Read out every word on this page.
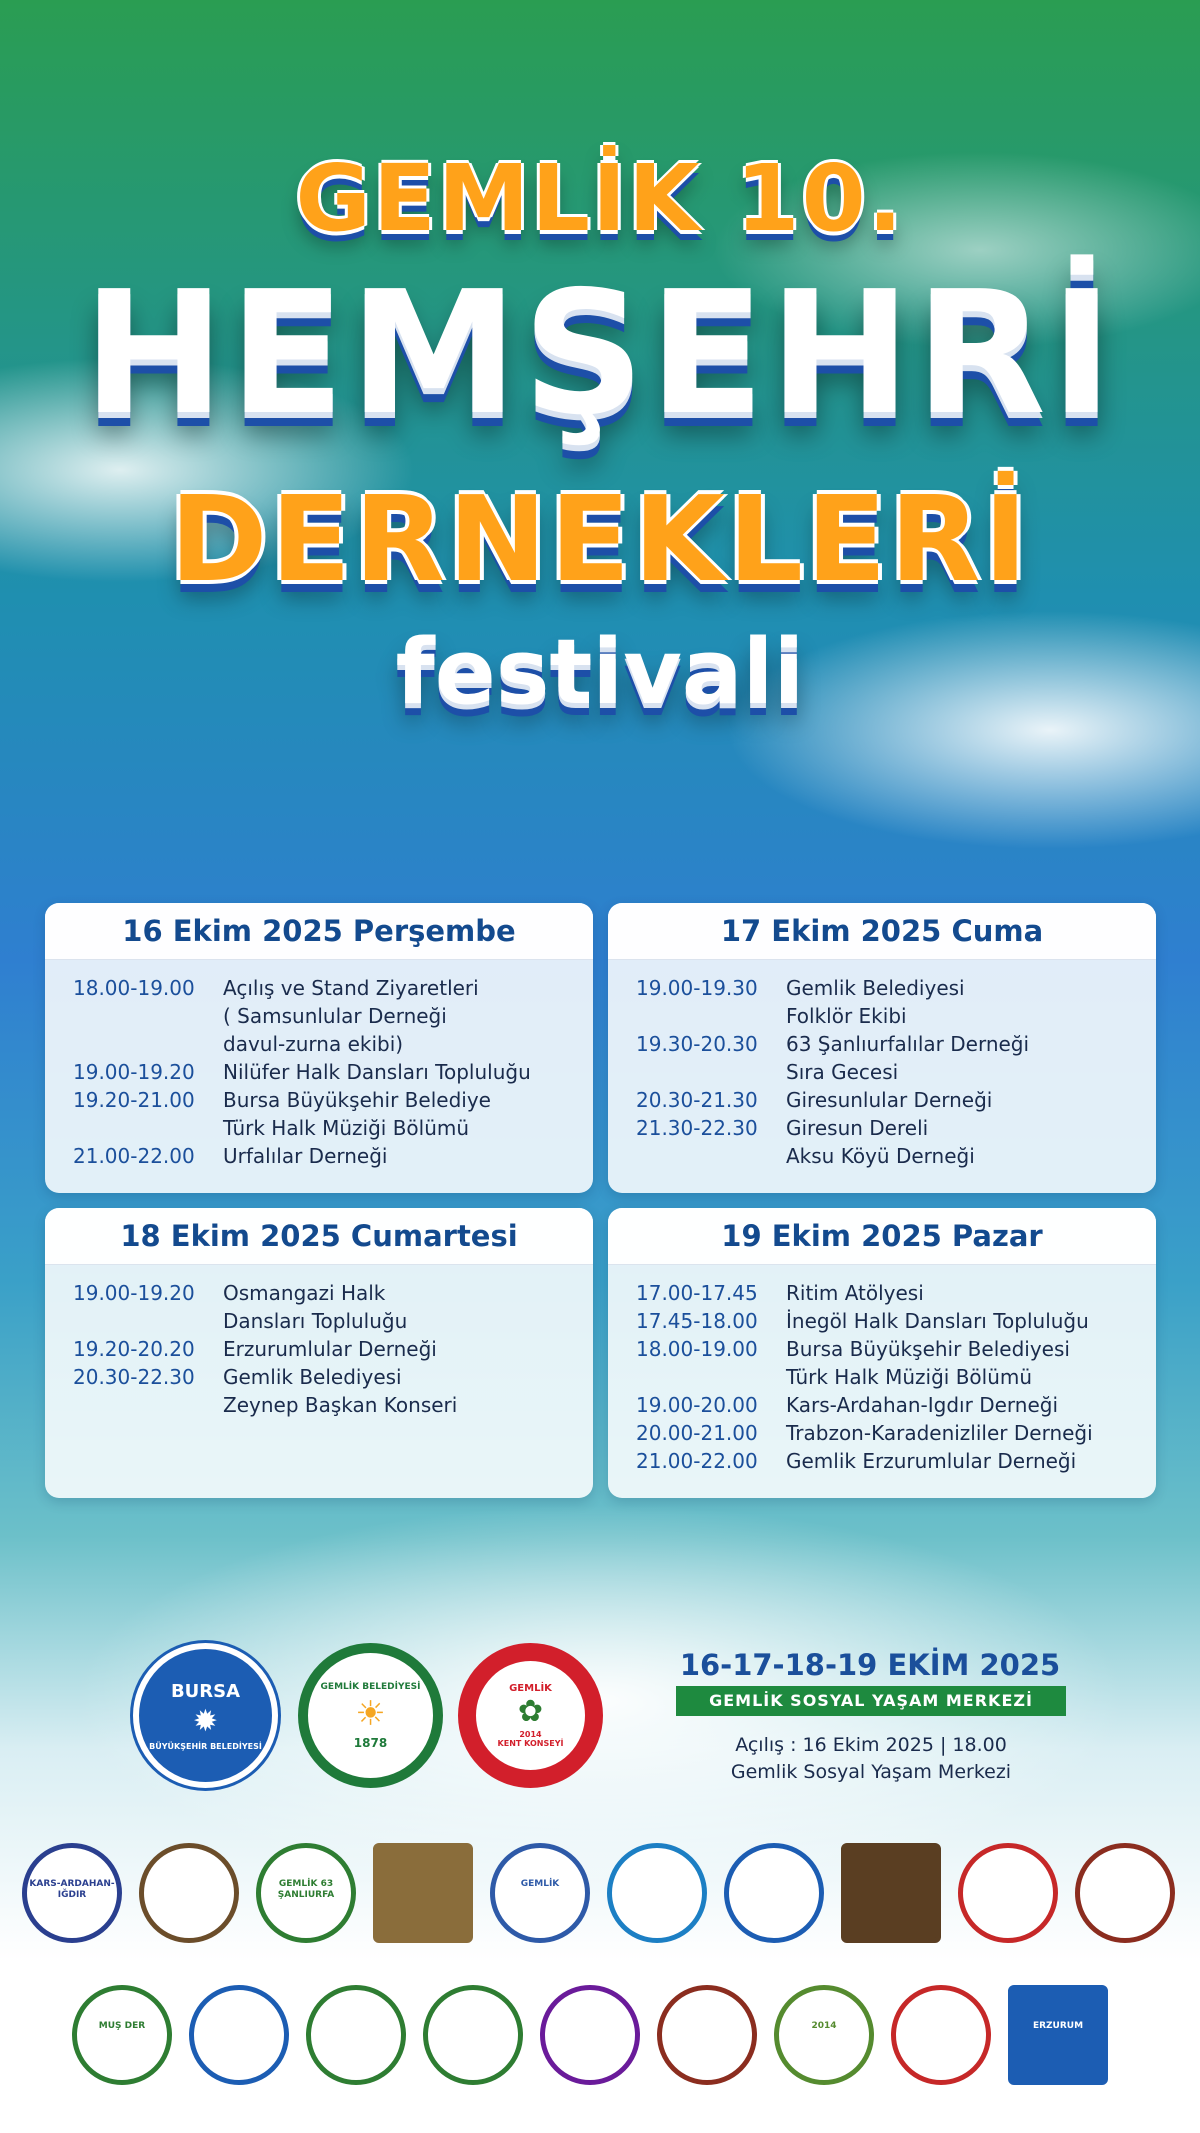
GEMLİK 10.
HEMŞEHRİ
DERNEKLERİ
festivali
16 Ekim 2025 Perşembe
18.00-19.00	Açılış ve Stand Ziyaretleri
( Samsunlular Derneği
davul-zurna ekibi)
19.00-19.20	Nilüfer Halk Dansları Topluluğu
19.20-21.00	Bursa Büyükşehir Belediye
Türk Halk Müziği Bölümü
21.00-22.00	Urfalılar Derneği
17 Ekim 2025 Cuma
19.00-19.30	Gemlik Belediyesi
Folklör Ekibi
19.30-20.30	63 Şanlıurfalılar Derneği
Sıra Gecesi
20.30-21.30	Giresunlular Derneği
21.30-22.30	Giresun Dereli
Aksu Köyü Derneği
18 Ekim 2025 Cumartesi
19.00-19.20	Osmangazi Halk
Dansları Topluluğu
19.20-20.20	Erzurumlular Derneği
20.30-22.30	Gemlik Belediyesi
Zeynep Başkan Konseri
19 Ekim 2025 Pazar
17.00-17.45	Ritim Atölyesi
17.45-18.00	İnegöl Halk Dansları Topluluğu
18.00-19.00	Bursa Büyükşehir Belediyesi
Türk Halk Müziği Bölümü
19.00-20.00	Kars-Ardahan-Igdır Derneği
20.00-21.00	Trabzon-Karadenizliler Derneği
21.00-22.00	Gemlik Erzurumlular Derneği
BURSA
✹
BÜYÜKŞEHİR BELEDİYESİ
GEMLİK BELEDİYESİ
☀
1878
GEMLİK
✿
2014
KENT KONSEYİ
16-17-18-19 EKİM 2025
GEMLİK SOSYAL YAŞAM MERKEZİ
Açılış : 16 Ekim 2025 | 18.00
Gemlik Sosyal Yaşam Merkezi
KARS-ARDAHAN-IĞDIR
GEMLİK 63 ŞANLIURFA
GEMLİK
MUŞ DER	2014	ERZURUM
